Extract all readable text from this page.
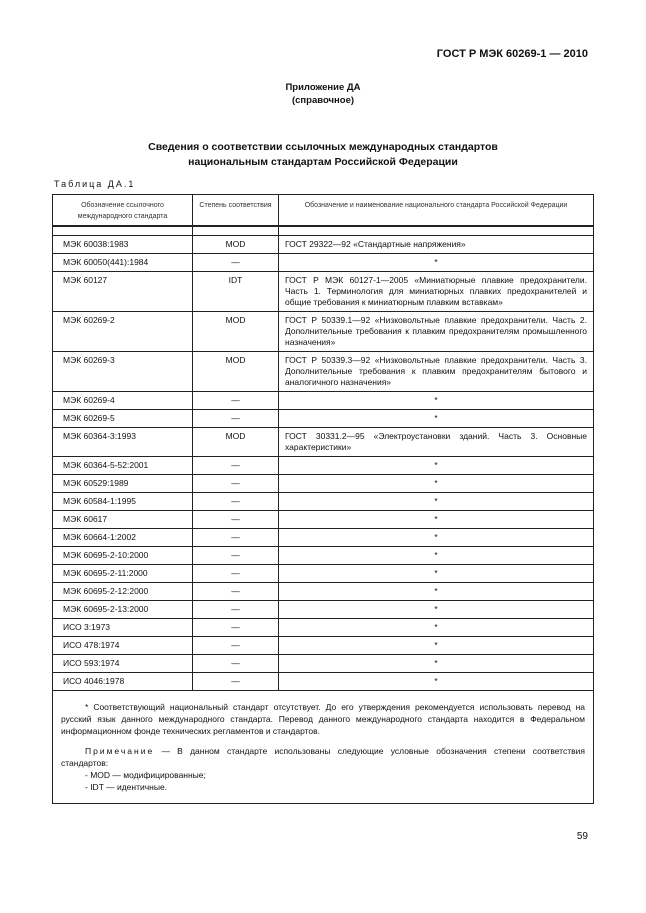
ГОСТ Р МЭК 60269-1 — 2010
Приложение ДА
(справочное)
Сведения о соответствии ссылочных международных стандартов
национальным стандартам Российской Федерации
Таблица ДА.1
Обозначение ссылочного международного стандарта	Степень соответствия	Обозначение и наименование национального стандарта Российской Федерации

МЭК 60038:1983	MOD	ГОСТ 29322—92 «Стандартные напряжения»
МЭК 60050(441):1984	—	*
МЭК 60127	IDT	ГОСТ Р МЭК 60127-1—2005 «Миниатюрные плавкие предохранители. Часть 1. Терминология для миниатюрных плавких предохранителей и общие требования к миниатюрным плавким вставкам»
МЭК 60269-2	MOD	ГОСТ Р 50339.1—92 «Низковольтные плавкие предохранители. Часть 2. Дополнительные требования к плавким предохранителям промышленного назначения»
МЭК 60269-3	MOD	ГОСТ Р 50339.3—92 «Низковольтные плавкие предохранители. Часть 3. Дополнительные требования к плавким предохранителям бытового и аналогичного назначения»
МЭК 60269-4	—	*
МЭК 60269-5	—	*
МЭК 60364-3:1993	MOD	ГОСТ 30331.2—95 «Электроустановки зданий. Часть 3. Основные характеристики»
МЭК 60364-5-52:2001	—	*
МЭК 60529:1989	—	*
МЭК 60584-1:1995	—	*
МЭК 60617	—	*
МЭК 60664-1:2002	—	*
МЭК 60695-2-10:2000	—	*
МЭК 60695-2-11:2000	—	*
МЭК 60695-2-12:2000	—	*
МЭК 60695-2-13:2000	—	*
ИСО 3:1973	—	*
ИСО 478:1974	—	*
ИСО 593:1974	—	*
ИСО 4046:1978	—	*

* Соответствующий национальный стандарт отсутствует. До его утверждения рекомендуется использовать перевод на русский язык данного международного стандарта. Перевод данного международного стандарта находится в Федеральном информационном фонде технических регламентов и стандартов.

Примечание — В данном стандарте использованы следующие условные обозначения степени соответствия стандартов:

- MOD — модифицированные;

- IDT — идентичные.		

59
